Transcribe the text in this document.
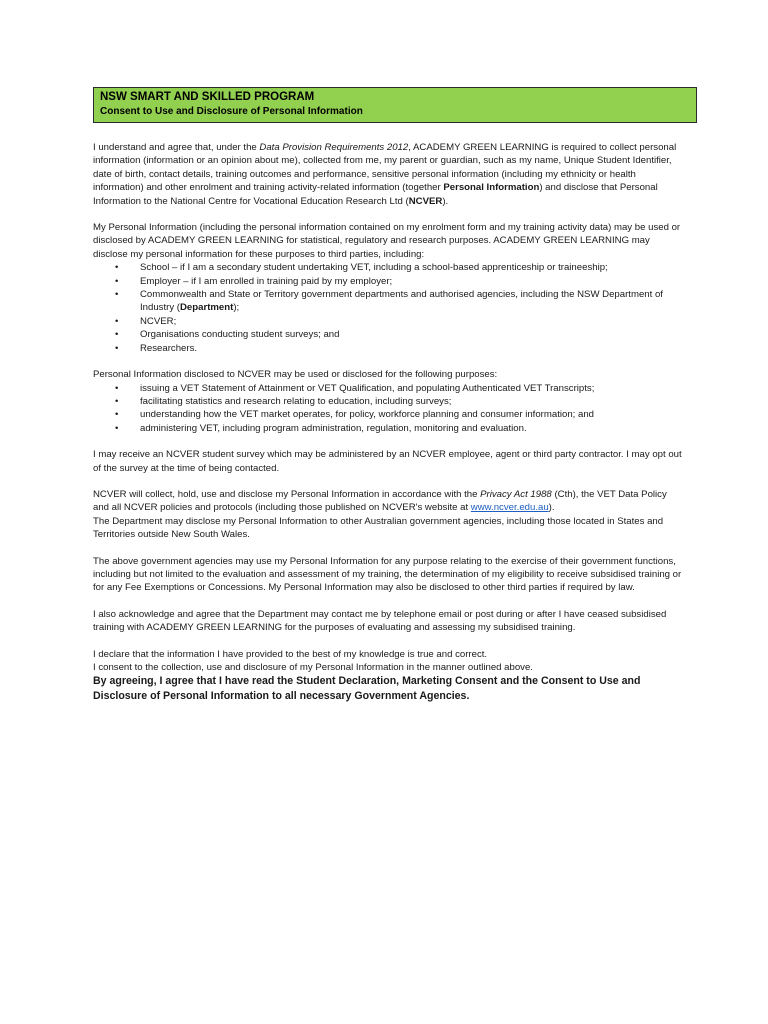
NSW SMART AND SKILLED PROGRAM
Consent to Use and Disclosure of Personal Information

I understand and agree that, under the Data Provision Requirements 2012, ACADEMY GREEN LEARNING is required to collect personal information (information or an opinion about me), collected from me, my parent or guardian, such as my name, Unique Student Identifier, date of birth, contact details, training outcomes and performance, sensitive personal information (including my ethnicity or health information) and other enrolment and training activity-related information (together Personal Information) and disclose that Personal Information to the National Centre for Vocational Education Research Ltd (NCVER).

My Personal Information (including the personal information contained on my enrolment form and my training activity data) may be used or disclosed by ACADEMY GREEN LEARNING for statistical, regulatory and research purposes. ACADEMY GREEN LEARNING may disclose my personal information for these purposes to third parties, including:

• School – if I am a secondary student undertaking VET, including a school-based apprenticeship or traineeship;
• Employer – if I am enrolled in training paid by my employer;
• Commonwealth and State or Territory government departments and authorised agencies, including the NSW Department of Industry (Department);
• NCVER;
• Organisations conducting student surveys; and
• Researchers.

Personal Information disclosed to NCVER may be used or disclosed for the following purposes:

• issuing a VET Statement of Attainment or VET Qualification, and populating Authenticated VET Transcripts;
• facilitating statistics and research relating to education, including surveys;
• understanding how the VET market operates, for policy, workforce planning and consumer information; and
• administering VET, including program administration, regulation, monitoring and evaluation.

I may receive an NCVER student survey which may be administered by an NCVER employee, agent or third party contractor. I may opt out of the survey at the time of being contacted.

NCVER will collect, hold, use and disclose my Personal Information in accordance with the Privacy Act 1988 (Cth), the VET Data Policy and all NCVER policies and protocols (including those published on NCVER's website at www.ncver.edu.au).

The Department may disclose my Personal Information to other Australian government agencies, including those located in States and Territories outside New South Wales.

The above government agencies may use my Personal Information for any purpose relating to the exercise of their government functions, including but not limited to the evaluation and assessment of my training, the determination of my eligibility to receive subsidised training or for any Fee Exemptions or Concessions. My Personal Information may also be disclosed to other third parties if required by law.

I also acknowledge and agree that the Department may contact me by telephone email or post during or after I have ceased subsidised training with ACADEMY GREEN LEARNING for the purposes of evaluating and assessing my subsidised training.

I declare that the information I have provided to the best of my knowledge is true and correct.

I consent to the collection, use and disclosure of my Personal Information in the manner outlined above.

By agreeing, I agree that I have read the Student Declaration, Marketing Consent and the Consent to Use and Disclosure of Personal Information to all necessary Government Agencies.
